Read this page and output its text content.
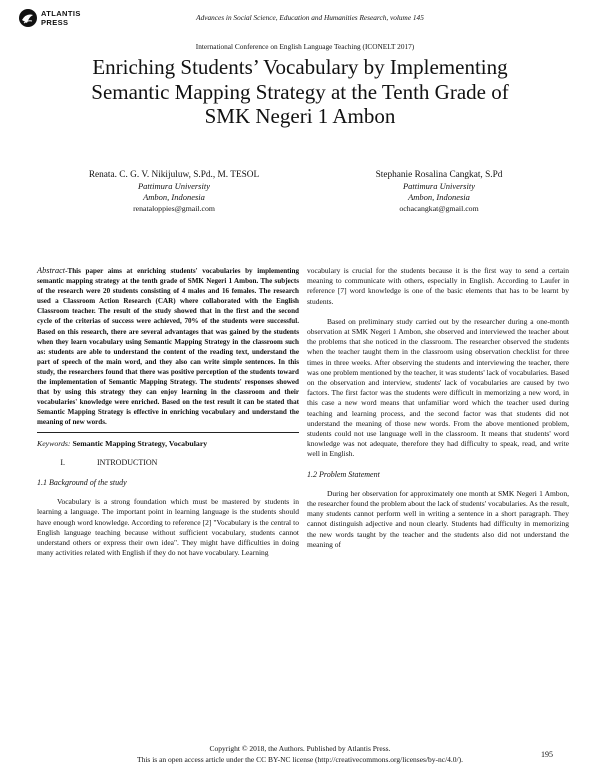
ATLANTIS
PRESS
Advances in Social Science, Education and Humanities Research, volume 145
International Conference on English Language Teaching (ICONELT 2017)
Enriching Students’ Vocabulary by Implementing
Semantic Mapping Strategy at the Tenth Grade of
SMK Negeri 1 Ambon
Renata. C. G. V. Nikijuluw, S.Pd., M. TESOL
Pattimura University
Ambon, Indonesia
renataloppies@gmail.com
Stephanie Rosalina Cangkat, S.Pd
Pattimura University
Ambon, Indonesia
ochacangkat@gmail.com
Abstract-This paper aims at enriching students' vocabularies by implementing semantic mapping strategy at the tenth grade of SMK Negeri 1 Ambon. The subjects of the research were 20 students consisting of 4 males and 16 females. The research used a Classroom Action Research (CAR) where collaborated with the English Classroom teacher. The result of the study showed that in the first and the second cycle of the criterias of success were achieved, 70% of the students were successful. Based on this research, there are several advantages that was gained by the students when they learn vocabulary using Semantic Mapping Strategy in the classroom such as: students are able to understand the content of the reading text, understand the part of speech of the main word, and they also can write simple sentences. In this study, the researchers found that there was positive perception of the students toward the implementation of Semantic Mapping Strategy. The students' responses showed that by using this strategy they can enjoy learning in the classroom and their vocabularies' knowledge were enriched. Based on the test result it can be stated that Semantic Mapping Strategy is effective in enriching vocabulary and understand the meaning of new words.
Keywords: Semantic Mapping Strategy, Vocabulary
I.	INTRODUCTION
1.1 Background of the study

Vocabulary is a strong foundation which must be mastered by students in learning a language. The important point in learning language is the students should have enough word knowledge. According to reference [2] "Vocabulary is the central to English language teaching because without sufficient vocabulary, students cannot understand others or express their own idea". They might have difficulties in doing many activities related with English if they do not have vocabulary. Learning

vocabulary is crucial for the students because it is the first way to send a certain meaning to communicate with others, especially in English. According to Laufer in reference [7] word knowledge is one of the basic elements that has to be learnt by students.

Based on preliminary study carried out by the researcher during a one-month observation at SMK Negeri 1 Ambon, she observed and interviewed the teacher about the problems that she noticed in the classroom. The researcher observed the students when the teacher taught them in the classroom using observation checklist for three times in three weeks. After observing the students and interviewing the teacher, there was one problem mentioned by the teacher, it was students' lack of vocabularies. Based on the observation and interview, students' lack of vocabularies are caused by two factors. The first factor was the students were difficult in memorizing a new word, in this case a new word means that unfamiliar word which the teacher used during teaching and learning process, and the second factor was that students did not understand the meaning of those new words. From the above mentioned problem, students could not use language well in the classroom. It means that students' word knowledge was not adequate, therefore they had difficulty to speak, read, and write well in English.

1.2 Problem Statement

During her observation for approximately one month at SMK Negeri 1 Ambon, the researcher found the problem about the lack of students' vocabularies. As the result, many students cannot perform well in writing a sentence in a short paragraph. They cannot distinguish adjective and noun clearly. Students had difficulty in memorizing the new words taught by the teacher and the students also did not understand the meaning of

Copyright © 2018, the Authors. Published by Atlantis Press.
This is an open access article under the CC BY-NC license (http://creativecommons.org/licenses/by-nc/4.0/).	195
